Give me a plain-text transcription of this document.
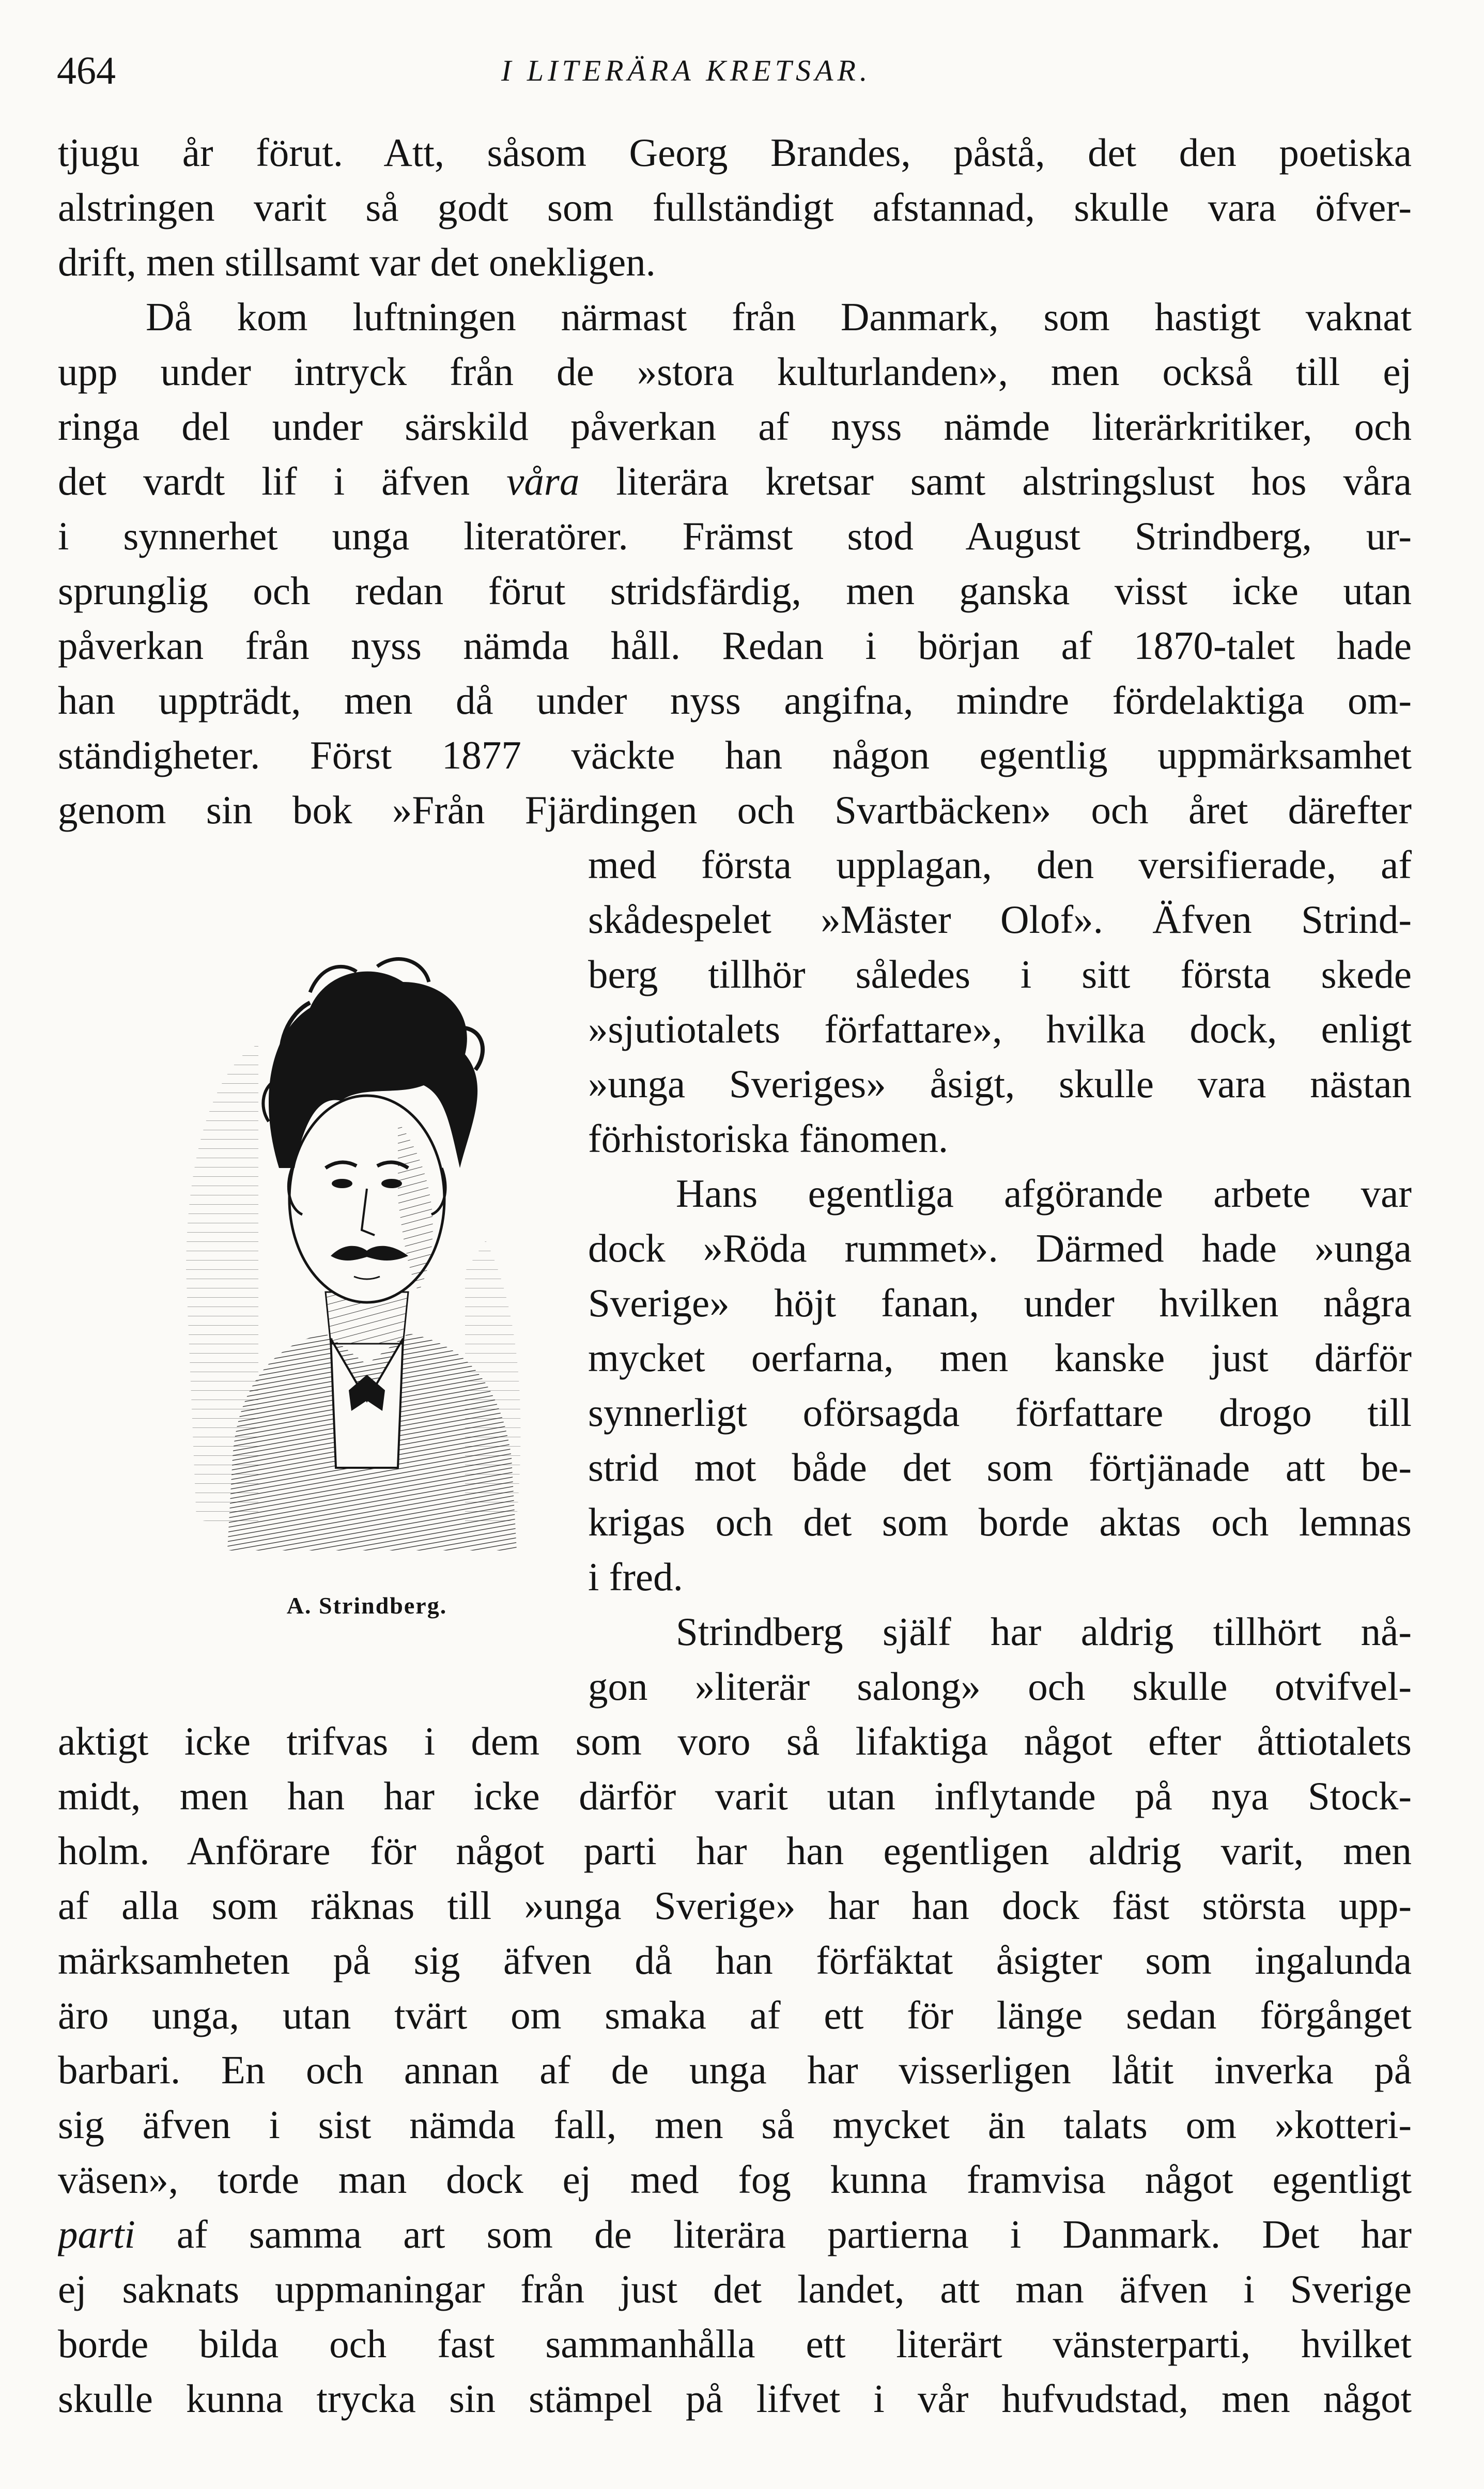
464	I LITERÄRA KRETSAR.
tjugu år förut. Att, såsom Georg Brandes, påstå, det den poetiska
alstringen varit så godt som fullständigt afstannad, skulle vara öfver-
drift, men stillsamt var det onekligen.
Då kom luftningen närmast från Danmark, som hastigt vaknat
upp under intryck från de »stora kulturlanden», men också till ej
ringa del under särskild påverkan af nyss nämde literärkritiker, och
det vardt lif i äfven våra literära kretsar samt alstringslust hos våra
i synnerhet unga literatörer. Främst stod August Strindberg, ur-
sprunglig och redan förut stridsfärdig, men ganska visst icke utan
påverkan från nyss nämda håll. Redan i början af 1870-talet hade
han uppträdt, men då under nyss angifna, mindre fördelaktiga om-
ständigheter. Först 1877 väckte han någon egentlig uppmärksamhet
genom sin bok »Från Fjärdingen och Svartbäcken» och året därefter
med första upplagan, den versifierade, af
skådespelet »Mäster Olof». Äfven Strind-
berg tillhör således i sitt första skede
»sjutiotalets författare», hvilka dock, enligt
»unga Sveriges» åsigt, skulle vara nästan
förhistoriska fänomen.
Hans egentliga afgörande arbete var
dock »Röda rummet». Därmed hade »unga
Sverige» höjt fanan, under hvilken några
mycket oerfarna, men kanske just därför
synnerligt oförsagda författare drogo till
strid mot både det som förtjänade att be-
krigas och det som borde aktas och lemnas
i fred.
Strindberg själf har aldrig tillhört nå-
gon »literär salong» och skulle otvifvel-
aktigt icke trifvas i dem som voro så lifaktiga något efter åttiotalets
midt, men han har icke därför varit utan inflytande på nya Stock-
holm. Anförare för något parti har han egentligen aldrig varit, men
af alla som räknas till »unga Sverige» har han dock fäst största upp-
märksamheten på sig äfven då han förfäktat åsigter som ingalunda
äro unga, utan tvärt om smaka af ett för länge sedan förgånget
barbari. En och annan af de unga har visserligen låtit inverka på
sig äfven i sist nämda fall, men så mycket än talats om »kotteri-
väsen», torde man dock ej med fog kunna framvisa något egentligt
parti af samma art som de literära partierna i Danmark. Det har
ej saknats uppmaningar från just det landet, att man äfven i Sverige
borde bilda och fast sammanhålla ett literärt vänsterparti, hvilket
skulle kunna trycka sin stämpel på lifvet i vår hufvudstad, men något
A. Strindberg.
